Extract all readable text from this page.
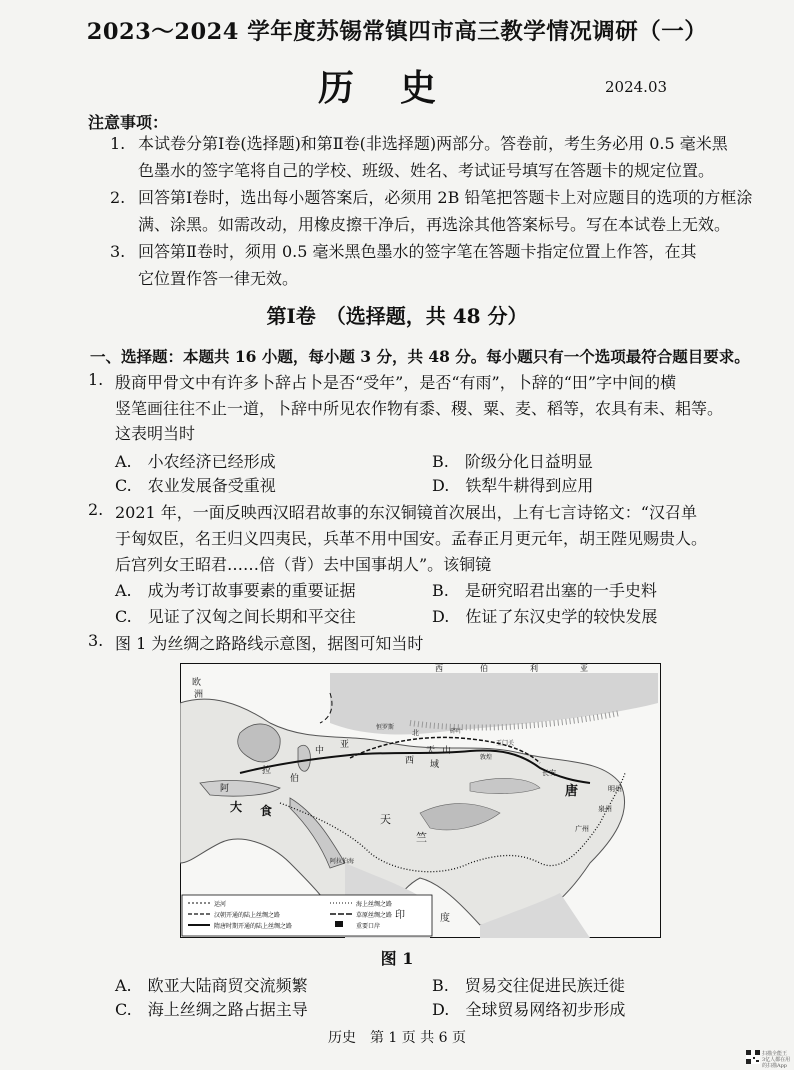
2023～2024 学年度苏锡常镇四市高三教学情况调研（一）
历史	2024.03
注意事项：
1. 本试卷分第Ⅰ卷(选择题)和第Ⅱ卷(非选择题)两部分。答卷前，考生务必用 0.5 毫米黑
色墨水的签字笔将自己的学校、班级、姓名、考试证号填写在答题卡的规定位置。
2. 回答第Ⅰ卷时，选出每小题答案后，必须用 2B 铅笔把答题卡上对应题目的选项的方框涂
满、涂黑。如需改动，用橡皮擦干净后，再选涂其他答案标号。写在本试卷上无效。
3. 回答第Ⅱ卷时，须用 0.5 毫米黑色墨水的签字笔在答题卡指定位置上作答，在其
它位置作答一律无效。
第Ⅰ卷　（选择题，共 48 分）
一、选择题：本题共 16 小题，每小题 3 分，共 48 分。每小题只有一个选项最符合题目要求。
1. 殷商甲骨文中有许多卜辞占卜是否“受年”，是否“有雨”，卜辞的“田”字中间的横
竖笔画往往不止一道，卜辞中所见农作物有黍、稷、粟、麦、稻等，农具有耒、耜等。
这表明当时
A.　小农经济已经形成	B.　阶级分化日益明显
C.　农业发展备受重视	D.　铁犁牛耕得到应用
2. 2021 年，一面反映西汉昭君故事的东汉铜镜首次展出，上有七言诗铭文：“汉召单
于匈奴臣，名王归义四夷民，兵革不用中国安。孟春正月更元年，胡王陛见赐贵人。
后宫列女王昭君……倍（背）去中国事胡人”。该铜镜
A.　成为考订故事要素的重要证据	B.　是研究昭君出塞的一手史料
C.　见证了汉匈之间长期和平交往	D.　佐证了东汉史学的较快发展
3. 图 1 为丝绸之路路线示意图，据图可知当时
运河
汉朝开通的陆上丝绸之路
隋唐时期开通的陆上丝绸之路
海上丝绸之路
草原丝绸之路
重要口岸
西	伯	利	亚
欧
洲
中
亚
北
天 山
恒罗斯
碎叶
阿
拉
伯
大 食
天
竺
印	度
唐
长安
广州
泉州
明州
玉门关
敦煌
西 域
阿拉伯海
图 1
A.　欧亚大陆商贸交流频繁	B.　贸易交往促进民族迁徙
C.　海上丝绸之路占据主导	D.　全球贸易网络初步形成
历史　第 1 页 共 6 页
扫描全能王
3亿人都在用的扫描App
